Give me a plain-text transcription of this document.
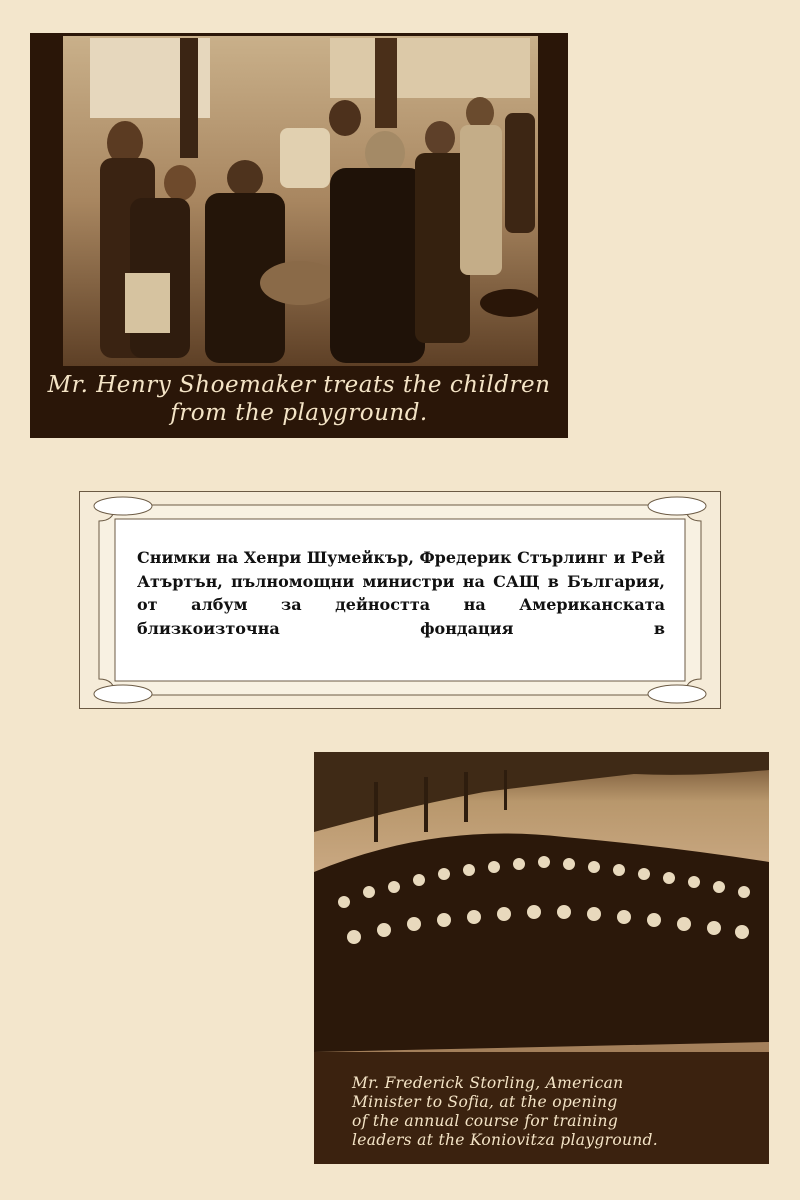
Mr. Henry Shoemaker treats the children
from the playground.
Снимки на Хенри Шумейкър, Фредерик Стърлинг и Рей Атъртън, пълномощни министри на САЩ в България, от албум за дейността на Американската близкоизточна фондация в
Mr. Frederick Storling, American
Minister to Sofia, at the opening
of the annual course for training
leaders at the Koniovitza playground.
